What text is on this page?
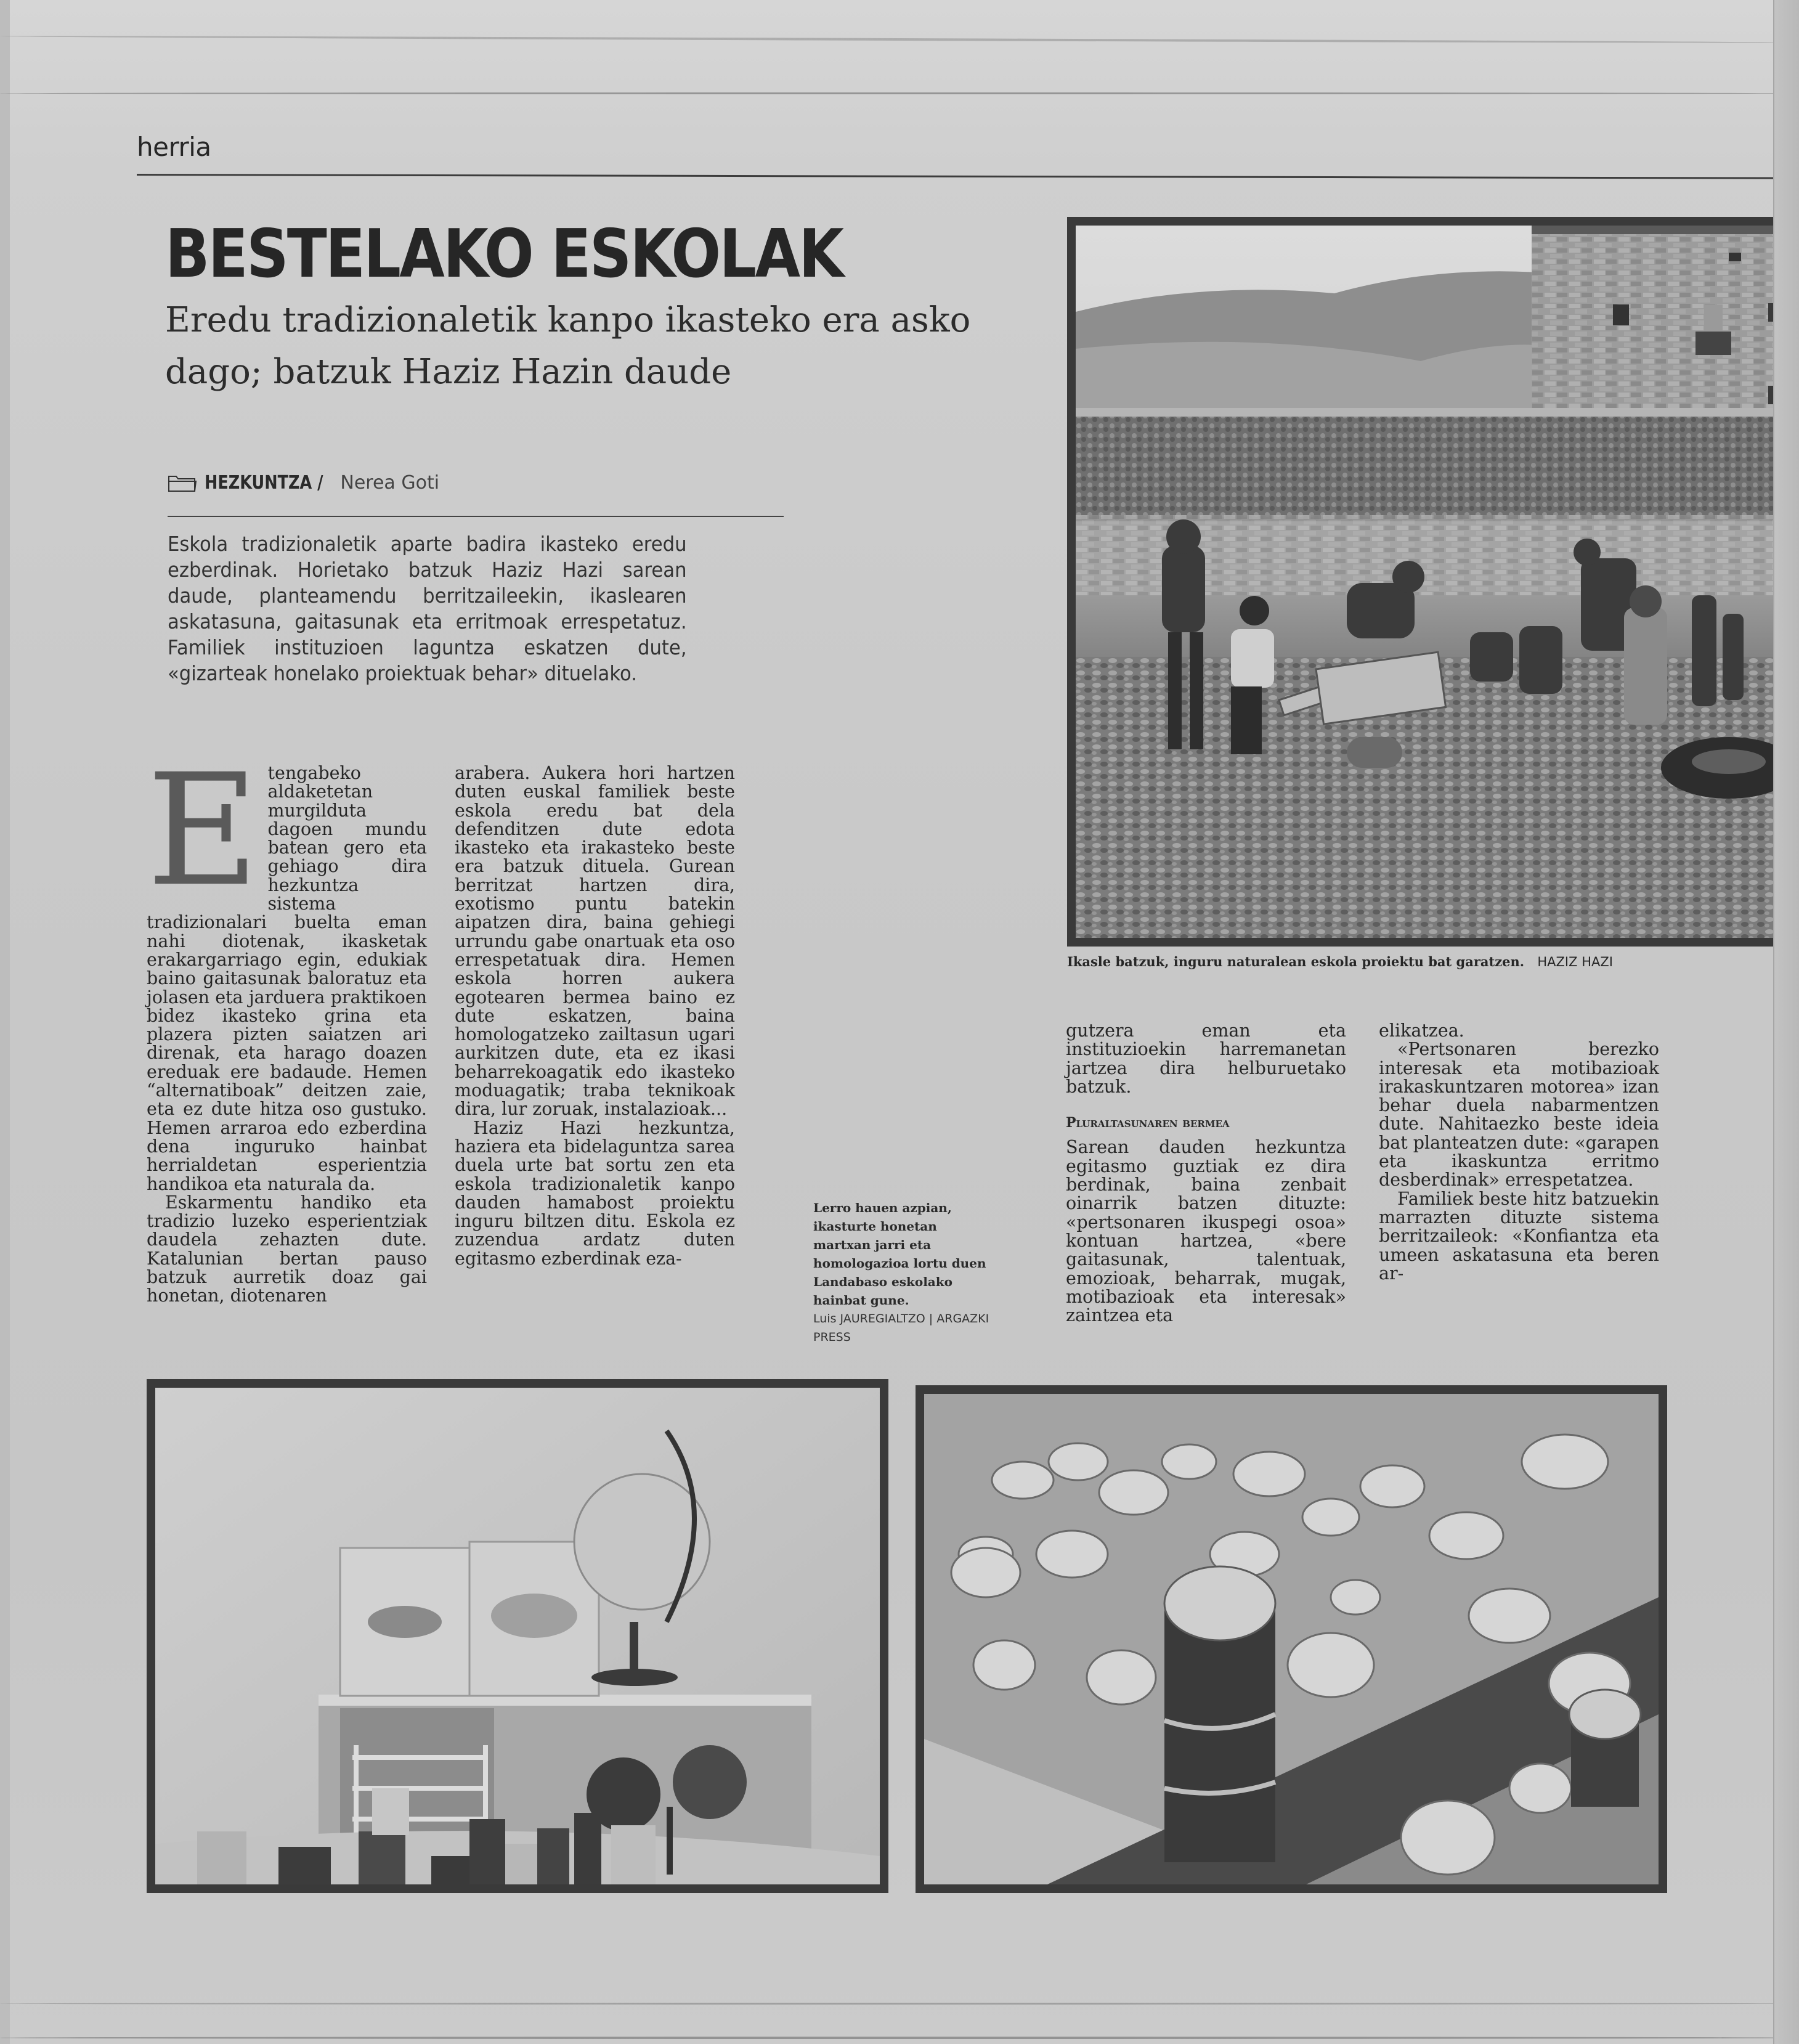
herria
BESTELAKO ESKOLAK
Eredu tradizionaletik kanpo ikasteko era asko dago; batzuk Haziz Hazin daude
HEZKUNTZA / Nerea Goti
Eskola tradizionaletik aparte badira ikasteko eredu ezberdinak. Horietako batzuk Haziz Hazi sarean daude, planteamendu berritzaileekin, ikaslearen askatasuna, gaitasunak eta erritmoak errespetatuz. Familiek instituzioen laguntza eskatzen dute, «gizarteak honelako proiektuak behar» dituelako.
E tengabeko aldaketetan murgilduta dagoen mundu batean gero eta gehiago dira hezkuntza sistema tradizionalari buelta eman nahi diotenak, ikasketak erakargarriago egin, edukiak baino gaitasunak baloratuz eta jolasen eta jarduera praktikoen bidez ikasteko grina eta plazera pizten saiatzen ari direnak, eta harago doazen ereduak ere badaude. Hemen “alternatiboak” deitzen zaie, eta ez dute hitza oso gustuko. Hemen arraroa edo ezberdina dena inguruko hainbat herrialdetan esperientzia handikoa eta naturala da.

Eskarmentu handiko eta tradizio luzeko esperientziak daudela zehazten dute. Katalunian bertan pauso batzuk aurretik doaz gai honetan, diotenaren

arabera. Aukera hori hartzen duten euskal familiek beste eskola eredu bat dela defenditzen dute edota ikasteko eta irakasteko beste era batzuk dituela. Gurean berritzat hartzen dira, exotismo puntu batekin aipatzen dira, baina gehiegi urrundu gabe onartuak eta oso errespetatuak dira. Hemen eskola horren aukera egotearen bermea baino ez dute eskatzen, baina homologatzeko zailtasun ugari aurkitzen dute, eta ez ikasi beharrekoagatik edo ikasteko moduagatik; traba teknikoak dira, lur zoruak, instalazioak...

Haziz Hazi hezkuntza, haziera eta bidelaguntza sarea duela urte bat sortu zen eta eskola tradizionaletik kanpo dauden hamabost proiektu inguru biltzen ditu. Eskola ez zuzendua ardatz duten egitasmo ezberdinak eza-

Lerro hauen azpian, ikasturte honetan martxan jarri eta homologazioa lortu duen Landabaso eskolako hainbat gune.
Luis JAUREGIALTZO | ARGAZKI PRESS

gutzera eman eta instituzioekin harremanetan jartzea dira helburuetako batzuk.

Pluraltasunaren bermea

Sarean dauden hezkuntza egitasmo guztiak ez dira berdinak, baina zenbait oinarrik batzen dituzte: «pertsonaren ikuspegi osoa» kontuan hartzea, «bere gaitasunak, talentuak, emozioak, beharrak, mugak, motibazioak eta interesak» zaintzea eta

elikatzea.

«Pertsonaren berezko interesak eta motibazioak irakaskuntzaren motorea» izan behar duela nabarmentzen dute. Nahitaezko beste ideia bat planteatzen dute: «garapen eta ikaskuntza erritmo desberdinak» errespetatzea.

Familiek beste hitz batzuekin marrazten dituzte sistema berritzaileok: «Konfiantza eta umeen askatasuna eta beren ar-

Ikasle batzuk, inguru naturalean eskola proiektu bat garatzen. HAZIZ HAZI
